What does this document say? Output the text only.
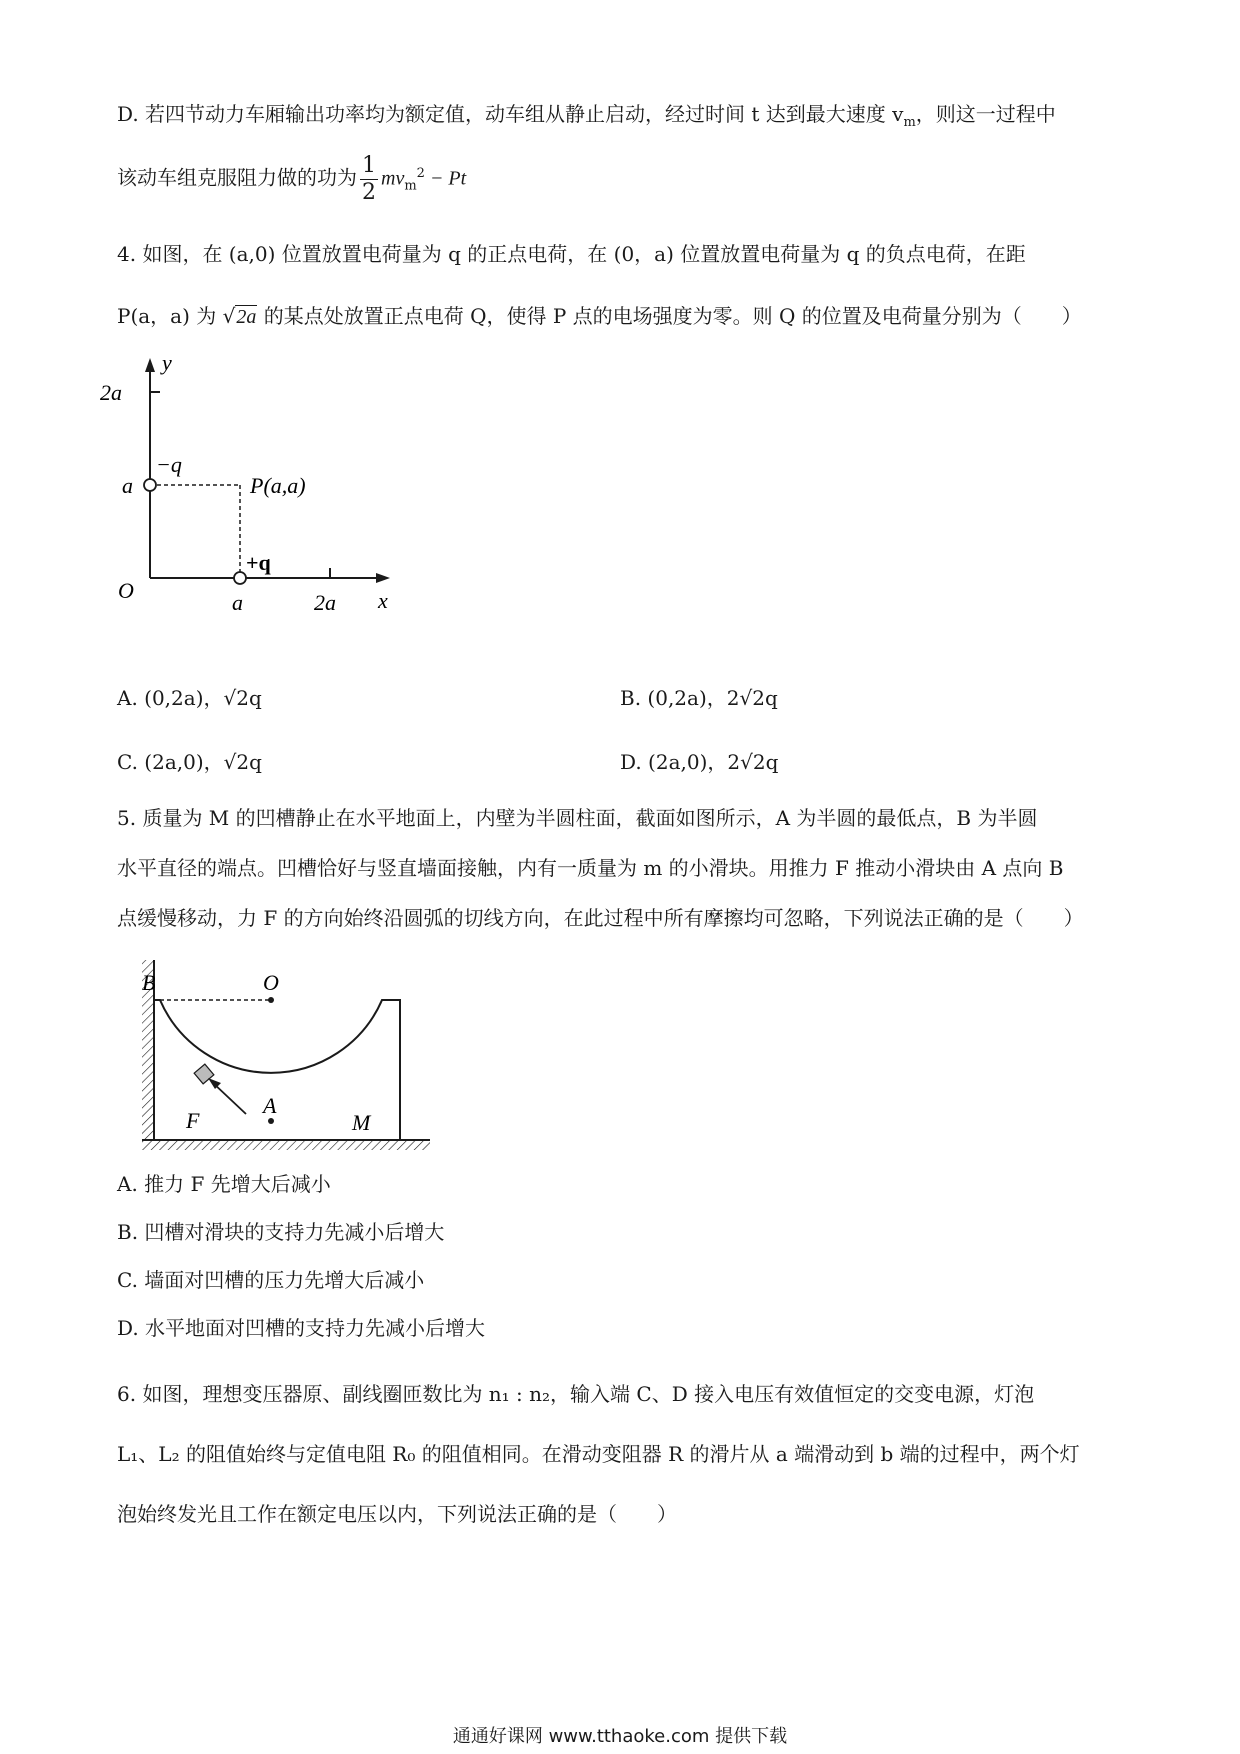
D. 若四节动力车厢输出功率均为额定值，动车组从静止启动，经过时间 t 达到最大速度 $v_m$，则这一过程中
该动车组克服阻力做的功为 $\frac{1}{2} mv_m^2 - Pt$
4. 如图，在 (a,0) 位置放置电荷量为 q 的正点电荷，在 (0，a) 位置放置电荷量为 q 的负点电荷，在距
P(a，a) 为 √2a 的某点处放置正点电荷 Q，使得 P 点的电场强度为零。则 Q 的位置及电荷量分别为（　　）
y
x
O
2a
a
a	2a
−q
+q
P(a,a)
A. (0,2a)，√2q	B. (0,2a)，2√2q
C. (2a,0)，√2q	D. (2a,0)，2√2q
5. 质量为 M 的凹槽静止在水平地面上，内壁为半圆柱面，截面如图所示，A 为半圆的最低点，B 为半圆
水平直径的端点。凹槽恰好与竖直墙面接触，内有一质量为 m 的小滑块。用推力 F 推动小滑块由 A 点向 B
点缓慢移动，力 F 的方向始终沿圆弧的切线方向，在此过程中所有摩擦均可忽略，下列说法正确的是（　　）
B	O
A
F	M
A. 推力 F 先增大后减小
B. 凹槽对滑块的支持力先减小后增大
C. 墙面对凹槽的压力先增大后减小
D. 水平地面对凹槽的支持力先减小后增大
6. 如图，理想变压器原、副线圈匝数比为 n₁ : n₂，输入端 C、D 接入电压有效值恒定的交变电源，灯泡
L₁、L₂ 的阻值始终与定值电阻 R₀ 的阻值相同。在滑动变阻器 R 的滑片从 a 端滑动到 b 端的过程中，两个灯
泡始终发光且工作在额定电压以内，下列说法正确的是（　　）
通通好课网 www.tthaoke.com 提供下载
